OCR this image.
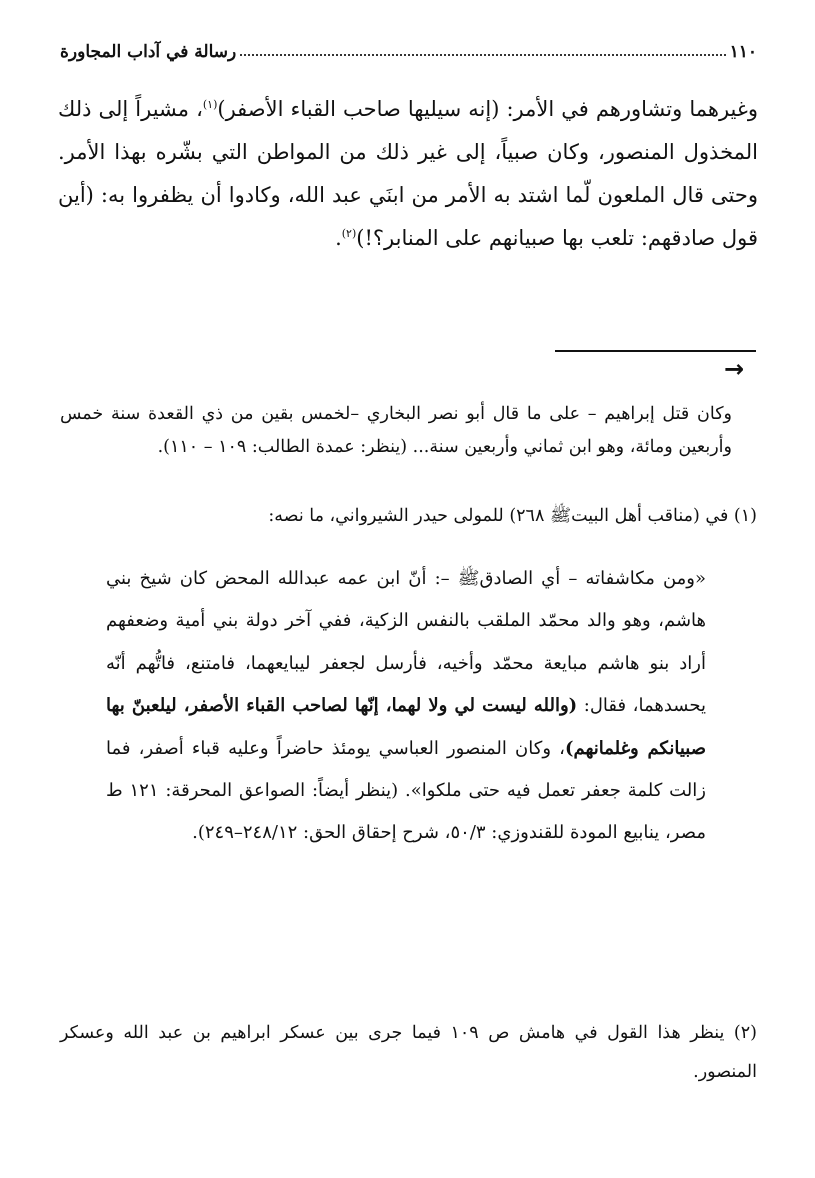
١١٠
رسالة في آداب المجاورة

وغيرهما وتشاورهم في الأمر: (إنه سيليها صاحب القباء الأصفر)$^{(١)}$، مشيراً إلى ذلك المخذول المنصور، وكان صبياً، إلى غير ذلك من المواطن التي بشّره بهذا الأمر. وحتى قال الملعون لّما اشتد به الأمر من ابنَي عبد الله، وكادوا أن يظفروا به: (أين قول صادقهم: تلعب بها صبيانهم على المنابر؟!)$^{(٢)}$.

→

وكان قتل إبراهيم – على ما قال أبو نصر البخاري –لخمس بقين من ذي القعدة سنة خمس وأربعين ومائة، وهو ابن ثماني وأربعين سنة... (ينظر: عمدة الطالب: ١٠٩ – ١١٠).

(١) في (مناقب أهل البيتﷺ ٢٦٨) للمولى حيدر الشيرواني، ما نصه:

«ومن مكاشفاته – أي الصادقﷺ –: أنّ ابن عمه عبدالله المحض كان شيخ بني هاشم، وهو والد محمّد الملقب بالنفس الزكية، ففي آخر دولة بني أمية وضعفهم أراد بنو هاشم مبايعة محمّد وأخيه، فأرسل لجعفر ليبايعهما، فامتنع، فاتُّهم أنّه يحسدهما، فقال: (والله ليست لي ولا لهما، إنّها لصاحب القباء الأصفر، ليلعبنّ بها صبيانكم وغلمانهم)، وكان المنصور العباسي يومئذ حاضراً وعليه قباء أصفر، فما زالت كلمة جعفر تعمل فيه حتى ملكوا». (ينظر أيضاً: الصواعق المحرقة: ١٢١ ط مصر، ينابيع المودة للقندوزي: ٥٠/٣، شرح إحقاق الحق: ٢٤٨/١٢–٢٤٩).

(٢) ينظر هذا القول في هامش ص ١٠٩ فيما جرى بين عسكر ابراهيم بن عبد الله وعسكر المنصور.
